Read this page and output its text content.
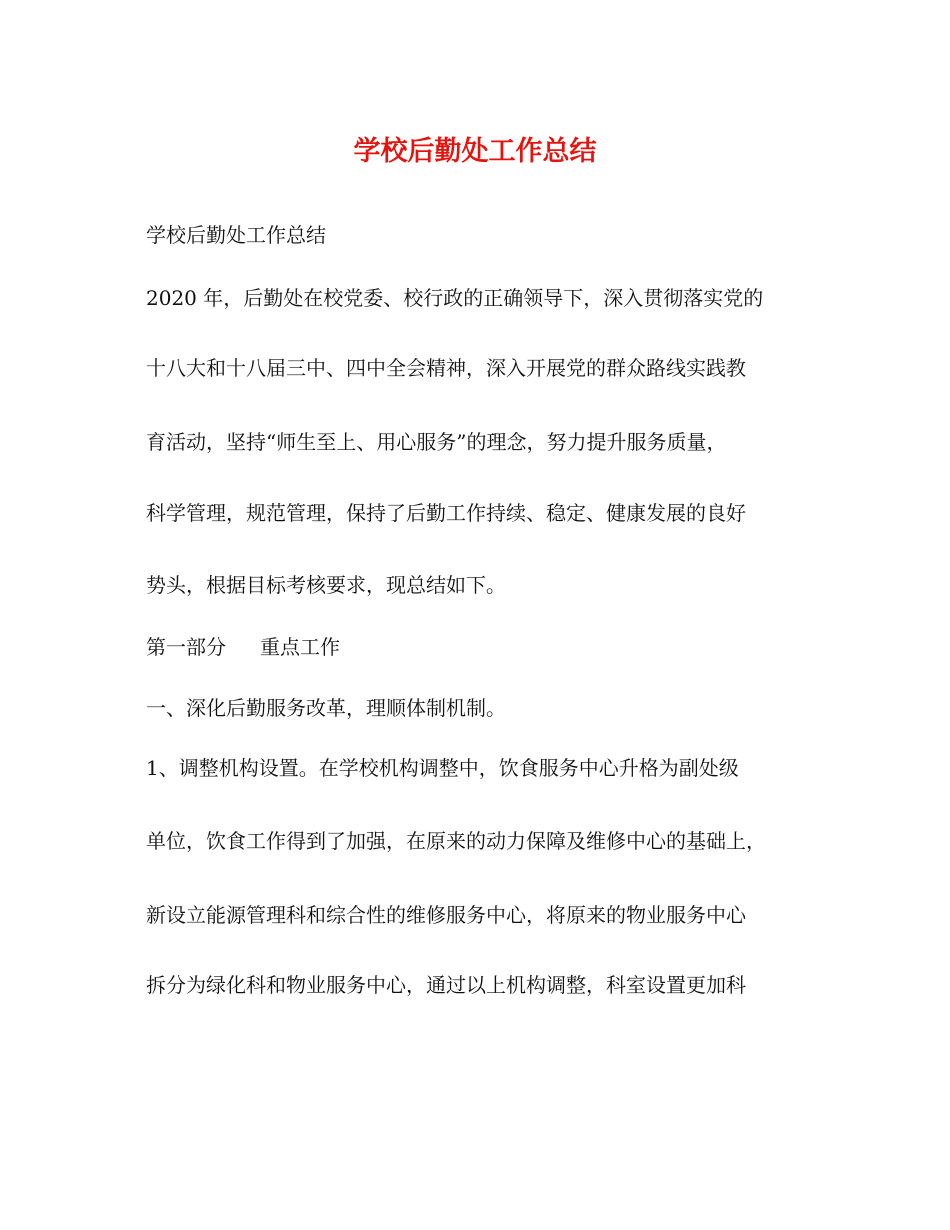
学校后勤处工作总结

学校后勤处工作总结

2020 年，后勤处在校党委、校行政的正确领导下，深入贯彻落实党的

十八大和十八届三中、四中全会精神，深入开展党的群众路线实践教

育活动，坚持“师生至上、用心服务”的理念，努力提升服务质量，

科学管理，规范管理，保持了后勤工作持续、稳定、健康发展的良好

势头，根据目标考核要求，现总结如下。

第一部分 重点工作

一、深化后勤服务改革，理顺体制机制。

1、调整机构设置。在学校机构调整中，饮食服务中心升格为副处级

单位，饮食工作得到了加强，在原来的动力保障及维修中心的基础上，

新设立能源管理科和综合性的维修服务中心，将原来的物业服务中心

拆分为绿化科和物业服务中心，通过以上机构调整，科室设置更加科
